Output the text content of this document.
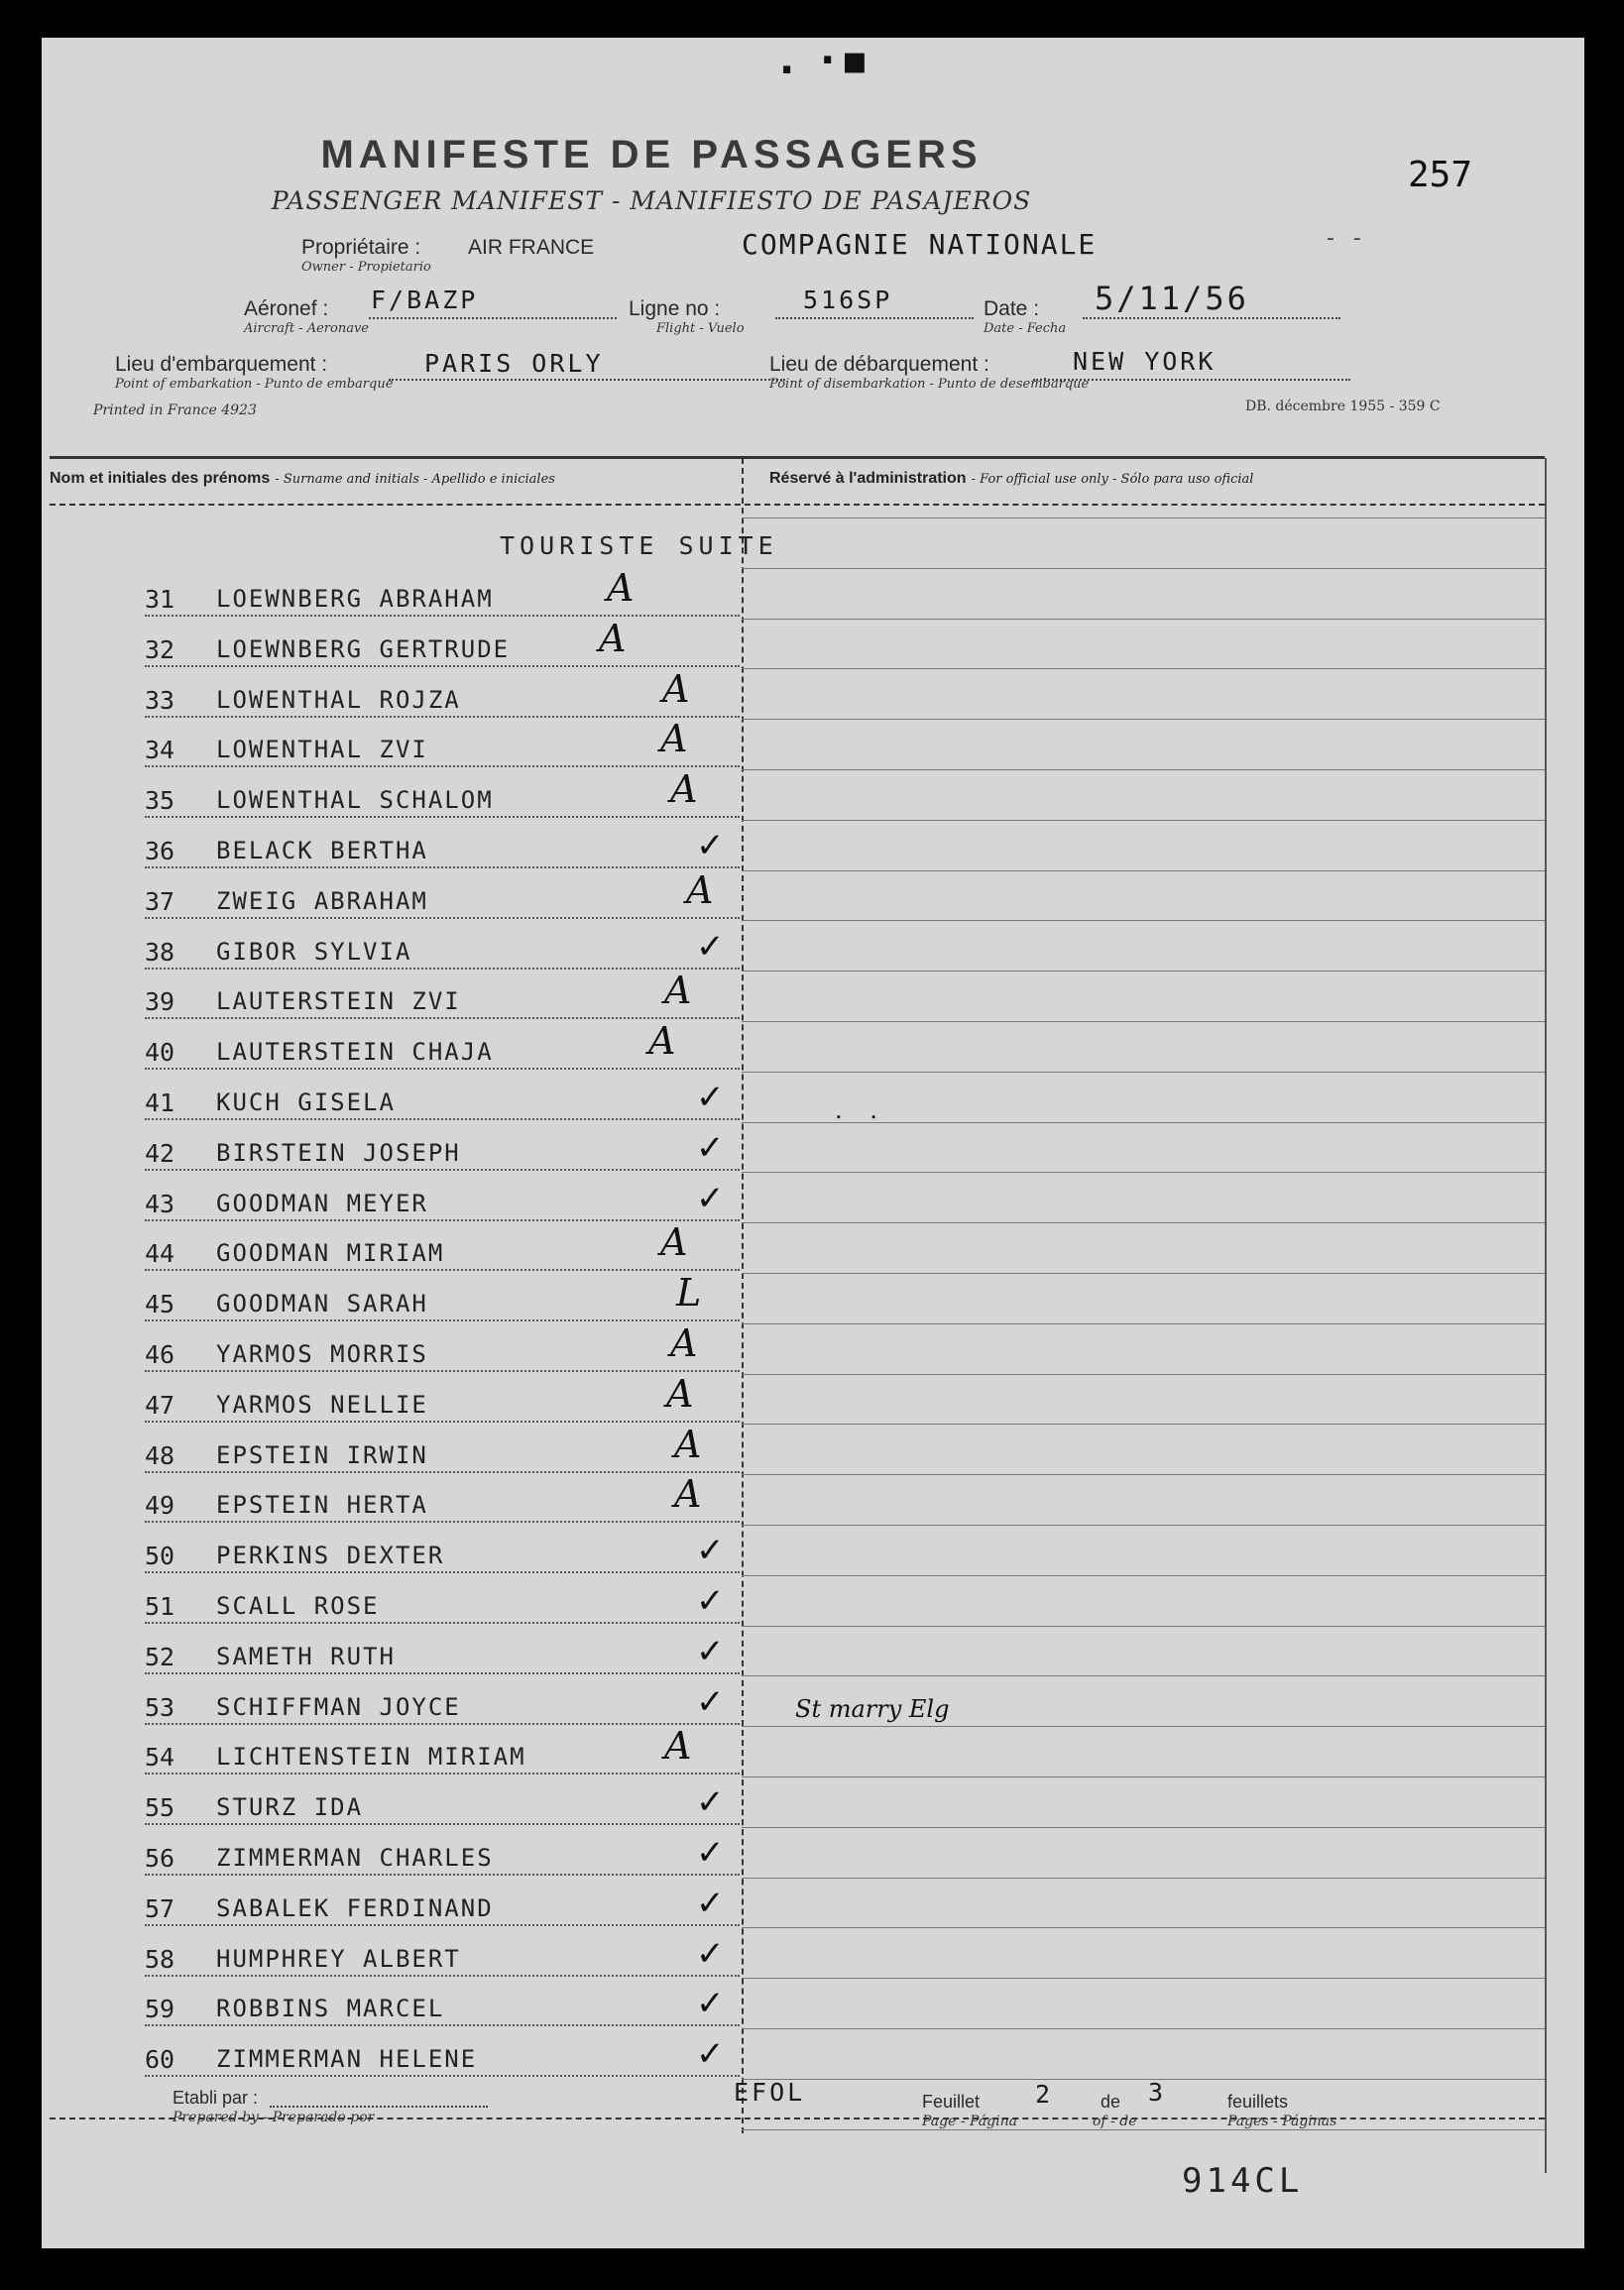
. ·▪
MANIFESTE DE PASSAGERS
PASSENGER MANIFEST - MANIFIESTO DE PASAJEROS
257
- -
Propriétaire : AIR FRANCE	COMPAGNIE NATIONALE
Owner - Propietario
Aéronef : F/BAZP
Aircraft - Aeronave
Ligne no :	516SP
Flight - Vuelo
Date : 5/11/56
Date - Fecha
Lieu d'embarquement :	PARIS ORLY
Point of embarkation - Punto de embarque
Lieu de débarquement :	NEW YORK
Point of disembarkation - Punto de desembarque
Printed in France 4923	DB. décembre 1955 - 359 C
Nom et initiales des prénoms - Surname and initials - Apellido e iniciales	Réservé à l'administration - For official use only - Sólo para uso oficial
TOURISTE SUITE
31	LOEWNBERG ABRAHAM	A
32	LOEWNBERG GERTRUDE A
33	LOWENTHAL ROJZA	A
34	LOWENTHAL ZVI	A
35	LOWENTHAL SCHALOM	A
36	BELACK BERTHA	✓
37	ZWEIG ABRAHAM	A
38	GIBOR SYLVIA	✓
39	LAUTERSTEIN ZVI	A
40	LAUTERSTEIN CHAJA	A
41	KUCH GISELA	✓
42	BIRSTEIN JOSEPH	✓
43	GOODMAN MEYER	✓
44	GOODMAN MIRIAM	A
45	GOODMAN SARAH	L
46	YARMOS MORRIS	A
47	YARMOS NELLIE	A
48	EPSTEIN IRWIN	A
49	EPSTEIN HERTA	A
50	PERKINS DEXTER	✓
51	SCALL ROSE	✓
52	SAMETH RUTH	✓
53	SCHIFFMAN JOYCE	✓
54	LICHTENSTEIN MIRIAM	A
55	STURZ IDA	✓
56	ZIMMERMAN CHARLES	✓
57	SABALEK FERDINAND	✓
58	HUMPHREY ALBERT	✓
59	ROBBINS MARCEL	✓
60	ZIMMERMAN HELENE	✓
St marry Elg
. .
Etabli par :
Prepared by - Preparado por
EFOL	Feuillet
Page - Página
2	de
of - de
3	feuillets
Pages - Páginas
914CL
